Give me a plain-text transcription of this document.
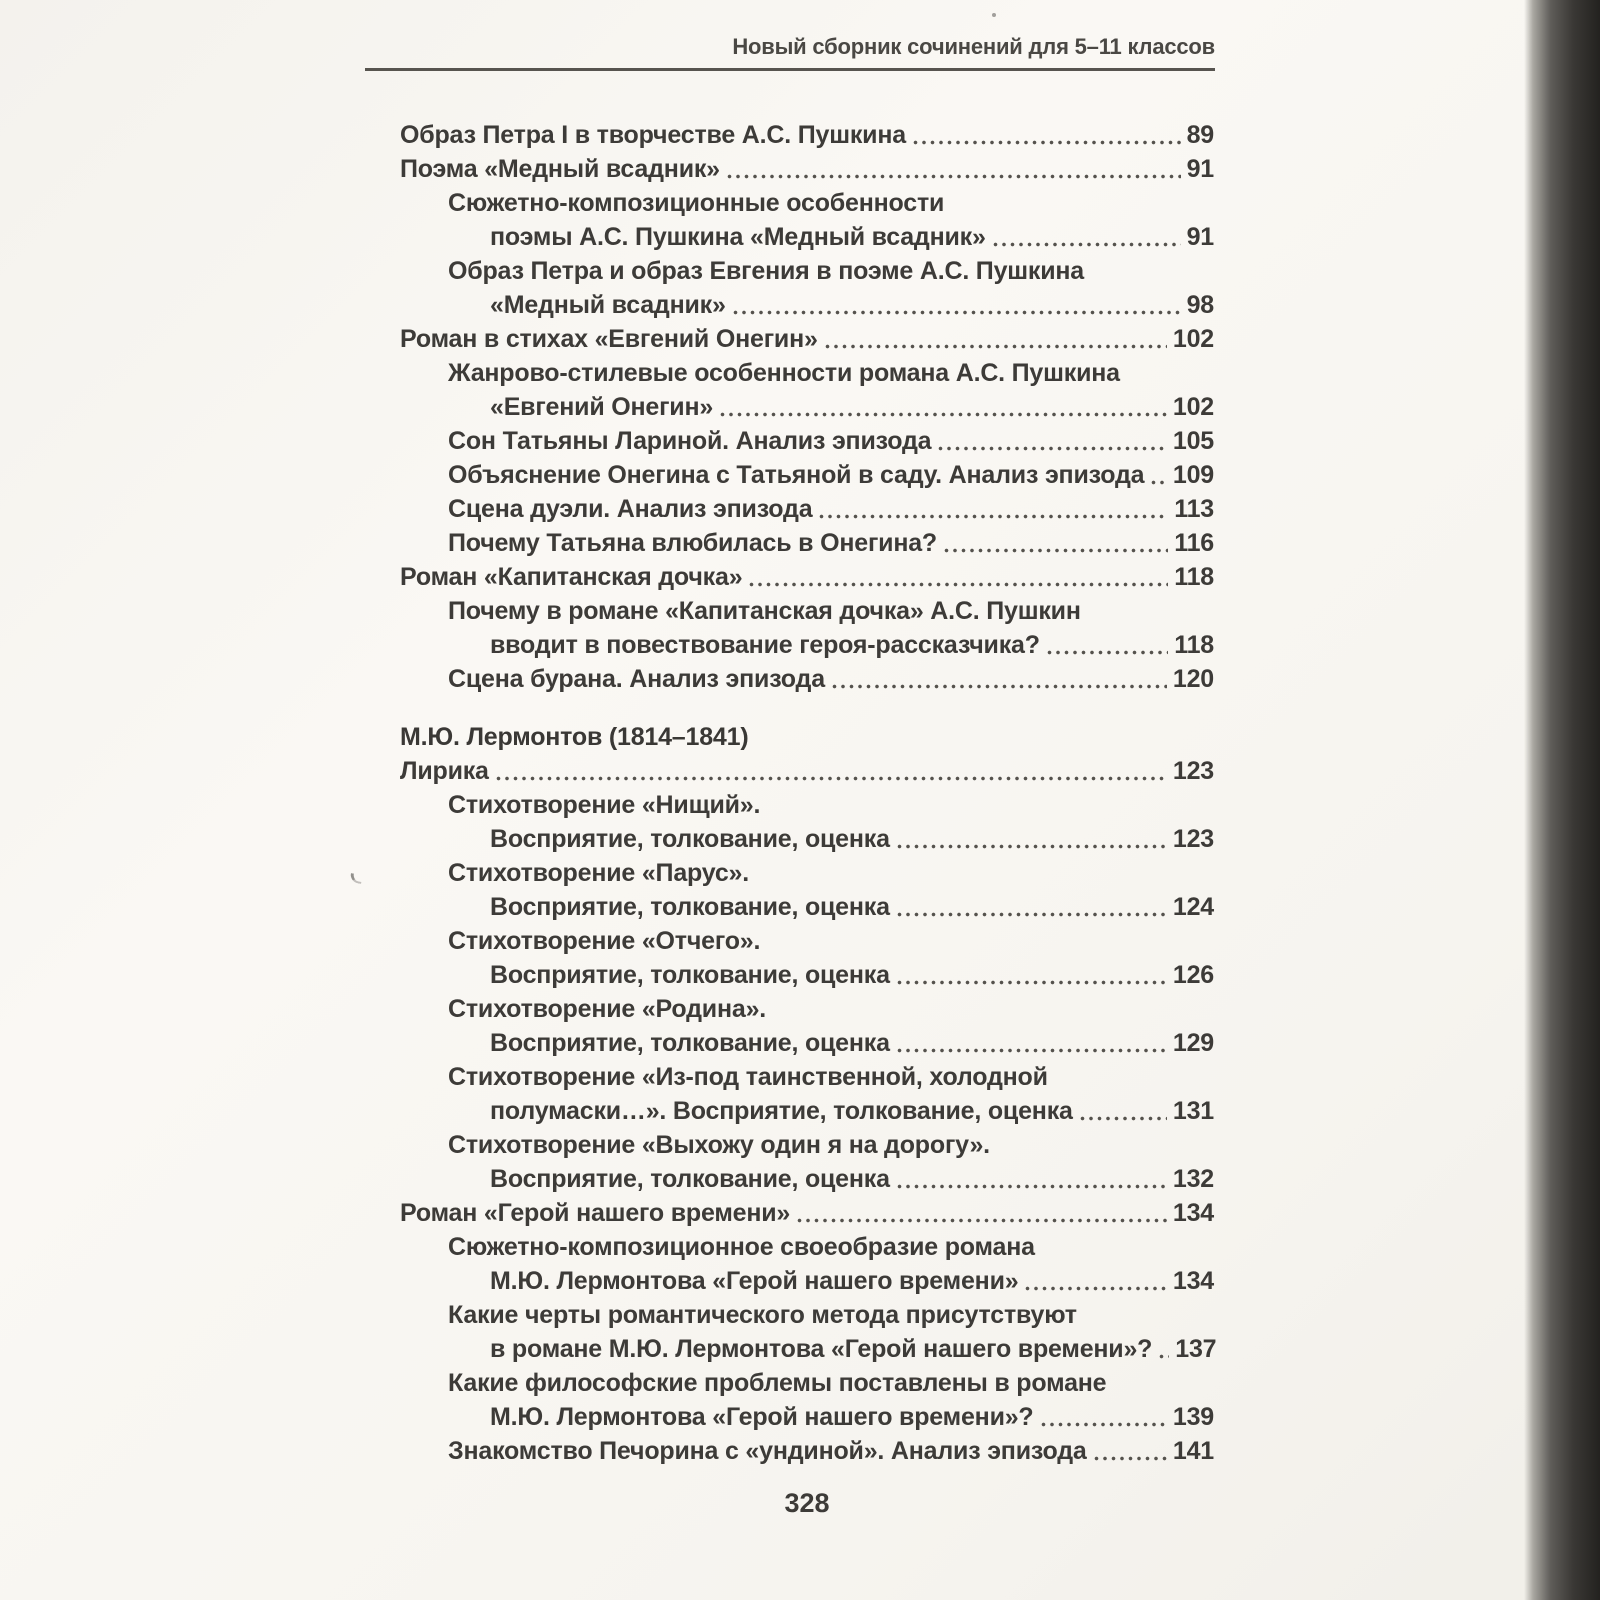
Новый сборник сочинений для 5–11 классов
Образ Петра I в творчестве А.С. Пушкина	89
Поэма «Медный всадник»	91
Сюжетно-композиционные особенности
поэмы А.С. Пушкина «Медный всадник»	91
Образ Петра и образ Евгения в поэме А.С. Пушкина
«Медный всадник»	98
Роман в стихах «Евгений Онегин»	102
Жанрово-стилевые особенности романа А.С. Пушкина
«Евгений Онегин»	102
Сон Татьяны Лариной. Анализ эпизода	105
Объяснение Онегина с Татьяной в саду. Анализ эпизода 109
Сцена дуэли. Анализ эпизода	113
Почему Татьяна влюбилась в Онегина?	116
Роман «Капитанская дочка»	118
Почему в романе «Капитанская дочка» А.С. Пушкин
вводит в повествование героя-рассказчика?	118
Сцена бурана. Анализ эпизода	120
М.Ю. Лермонтов (1814–1841)
Лирика	123
Стихотворение «Нищий».
Восприятие, толкование, оценка	123
Стихотворение «Парус».
Восприятие, толкование, оценка	124
Стихотворение «Отчего».
Восприятие, толкование, оценка	126
Стихотворение «Родина».
Восприятие, толкование, оценка	129
Стихотворение «Из-под таинственной, холодной
полумаски…». Восприятие, толкование, оценка	131
Стихотворение «Выхожу один я на дорогу».
Восприятие, толкование, оценка	132
Роман «Герой нашего времени»	134
Сюжетно-композиционное своеобразие романа
М.Ю. Лермонтова «Герой нашего времени»	134
Какие черты романтического метода присутствуют
в романе М.Ю. Лермонтова «Герой нашего времени»? 137
Какие философские проблемы поставлены в романе
М.Ю. Лермонтова «Герой нашего времени»?	139
Знакомство Печорина с «ундиной». Анализ эпизода	141
328
